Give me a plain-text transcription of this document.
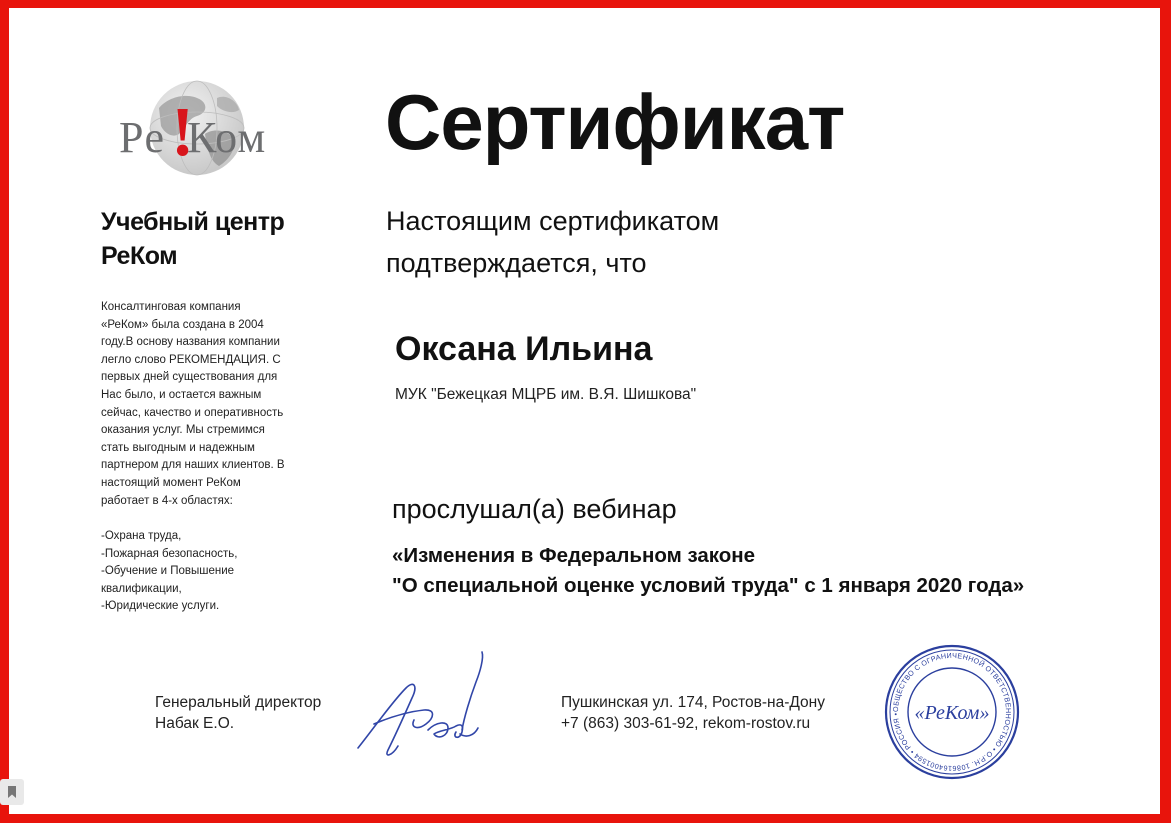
Pe Ком
!
Учебный центр
РеКом
Консалтинговая компания
«РеКом» была создана в 2004
году.В основу названия компании
легло слово РЕКОМЕНДАЦИЯ. С
первых дней существования для
Нас было, и остается важным
сейчас, качество и оперативность
оказания услуг. Мы стремимся
стать выгодным и надежным
партнером для наших клиентов. В
настоящий момент РеКом
работает в 4-х областях:
-Охрана труда,
-Пожарная безопасность,
-Обучение и Повышение
квалификации,
-Юридические услуги.
Сертификат
Настоящим сертификатом
подтверждается, что
Оксана Ильина
МУК "Бежецкая МЦРБ им. В.Я. Шишкова"
прослушал(а) вебинар
«Изменения в Федеральном законе
"О специальной оценке условий труда" с 1 января 2020 года»
Генеральный директор
Набак Е.О.
Пушкинская ул. 174, Ростов-на-Дону
+7 (863) 303-61-92, rekom-rostov.ru
ОБЩЕСТВО С ОГРАНИЧЕННОЙ ОТВЕТСТВЕННОСТЬЮ • О.Р.Н. 1086164001594 • РОССИЯ • «РеКом»
